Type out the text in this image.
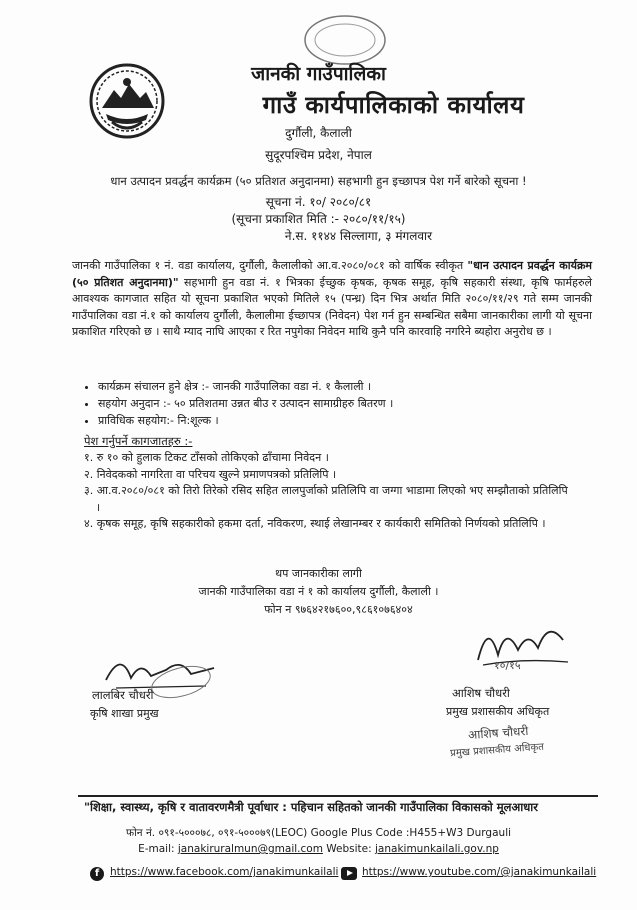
जानकी गाउँपालिका
गाउँ कार्यपालिकाको कार्यालय
दुर्गौली, कैलाली
सुदूरपश्चिम प्रदेश, नेपाल
धान उत्पादन प्रवर्द्धन कार्यक्रम (५० प्रतिशत अनुदानमा) सहभागी हुन इच्छापत्र पेश गर्ने बारेको सूचना !
सूचना नं. १०/ २०८०/८१
(सूचना प्रकाशित मिति :- २०८०/११/१५)
ने.स. ११४४ सिल्लागा, ३ मंगलवार
जानकी गाउँपालिका १ नं. वडा कार्यालय, दुर्गौली, कैलालीको आ.व.२०८०/०८१ को वार्षिक स्वीकृत "धान उत्पादन प्रवर्द्धन कार्यक्रम (५० प्रतिशत अनुदानमा)" सहभागी हुन वडा नं. १ भित्रका ईच्छुक कृषक, कृषक समूह, कृषि सहकारी संस्था, कृषि फार्महरुले आवश्यक कागजात सहित यो सूचना प्रकाशित भएको मितिले १५ (पन्ध्र) दिन भित्र अर्थात मिति २०८०/११/२९ गते सम्म जानकी गाउँपालिका वडा नं.१ को कार्यालय दुर्गौली, कैलालीमा ईच्छापत्र (निवेदन) पेश गर्न हुन सम्बन्धित सबैमा जानकारीका लागी यो सूचना प्रकाशित गरिएको छ । साथै म्याद नाघि आएका र रित नपुगेका निवेदन माथि कुनै पनि कारवाहि नगरिने ब्यहोरा अनुरोध छ ।
• कार्यक्रम संचालन हुने क्षेत्र :- जानकी गाउँपालिका वडा नं. १ कैलाली ।
• सहयोग अनुदान :- ५० प्रतिशतमा उन्नत बीउ र उत्पादन सामाग्रीहरु बितरण ।
• प्राविधिक सहयोग:- नि:शूल्क ।
पेश गर्नुपर्ने कागजातहरु :-
१. रु १० को हुलाक टिकट टाँसको तोकिएको ढाँचामा निवेदन ।
२. निवेदकको नागरिता वा परिचय खुल्ने प्रमाणपत्रको प्रतिलिपि ।
३. आ.व.२०८०/०८१ को तिरो तिरेको रसिद सहित लालपुर्जाको प्रतिलिपि वा जग्गा भाडामा लिएको भए सम्झौताको प्रतिलिपि ।
४. कृषक समूह, कृषि सहकारीको हकमा दर्ता, नविकरण, स्थाई लेखानम्बर र कार्यकारी समितिको निर्णयको प्रतिलिपि ।
थप जानकारीका लागी
जानकी गाउँपालिका वडा नं १ को कार्यालय दुर्गौली, कैलाली ।
फोन न ९७६४२१७६००,९८६१०७६४०४
लालबिर चौधरी
कृषि शाखा प्रमुख
१०/१५
आशिष चौधरी
प्रमुख प्रशासकीय अधिकृत
आशिष चौधरी
प्रमुख प्रशासकीय अधिकृत
"शिक्षा, स्वास्थ्य, कृषि र वातावरणमैत्री पूर्वाधार : पहिचान सहितको जानकी गाउँपालिका विकासको मूलआधार
फोन नं. ०९१-५०००७८, ०९१-५०००७९(LEOC) Google Plus Code :H455+W3 Durgauli
E-mail: janakiruralmun@gmail.com Website: janakimunkailali.gov.np
f	https://www.facebook.com/janakimunkailali https://www.youtube.com/@janakimunkailali
